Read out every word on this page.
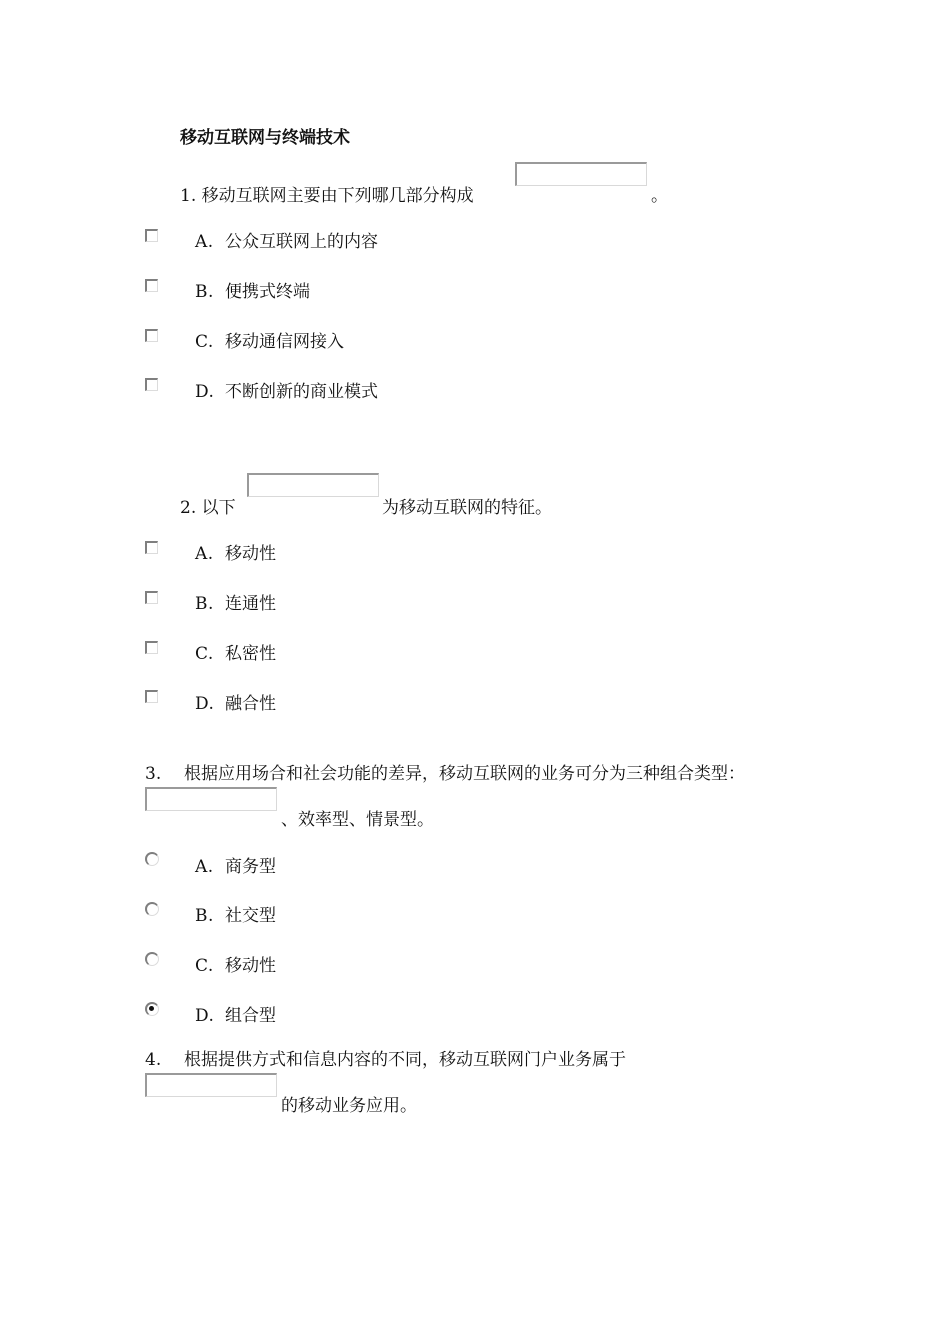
移动互联网与终端技术
1. 移动互联网主要由下列哪几部分构成	。
A. 公众互联网上的内容
B. 便携式终端
C. 移动通信网接入
D. 不断创新的商业模式
2. 以下	为移动互联网的特征。
A. 移动性
B. 连通性
C. 私密性
D. 融合性
3. 根据应用场合和社会功能的差异，移动互联网的业务可分为三种组合类型：
、效率型、情景型。
A. 商务型
B. 社交型
C. 移动性
D. 组合型
4. 根据提供方式和信息内容的不同，移动互联网门户业务属于
的移动业务应用。
